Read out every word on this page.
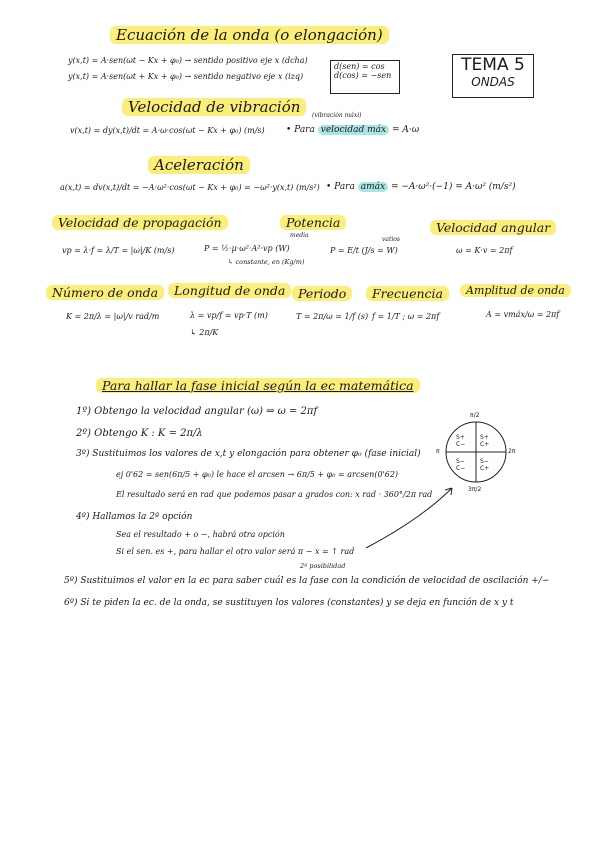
TEMA 5
ONDAS
Ecuación de la onda (o elongación)
y(x,t) = A·sen(ωt − Kx + φ₀) → sentido positivo eje x (dcha)
y(x,t) = A·sen(ωt + Kx + φ₀) → sentido negativo eje x (izq)
d(sen) = cos
d(cos) = −sen
Velocidad de vibración
v(x,t) = dy(x,t)/dt = A·ω·cos(ωt − Kx + φ₀) (m/s)
(vibración máxi)
• Para velocidad máx = A·ω
Aceleración
a(x,t) = dv(x,t)/dt = −A·ω²·cos(ωt − Kx + φ₀) = −ω²·y(x,t) (m/s²) • Para amáx = −A·ω²·(−1) = A·ω² (m/s²)
Velocidad de propagación
vp = λ·f = λ/T = |ω|/K (m/s)
Potencia
media
P = ½·μ·ω²·A²·vp (W)
↳ constante, en (Kg/m)
P = E/t (J/s = W)
vatios
Velocidad angular
ω = K·v = 2πf
Número de onda
K = 2π/λ = |ω|/v rad/m
Longitud de onda
λ = vp/f = vp·T (m)
↳ 2π/K
Periodo
T = 2π/ω = 1/f (s)
Frecuencia
f = 1/T ; ω = 2πf
Amplitud de onda
A = vmáx/ω = 2πf
Para hallar la fase inicial según la ec matemática
1º) Obtengo la velocidad angular (ω) ⇒ ω = 2πf
2º) Obtengo K : K = 2π/λ
3º) Sustituimos los valores de x,t y elongación para obtener φ₀ (fase inicial)
ej 0'62 = sen(6π/5 + φ₀) le hace el arcsen → 6π/5 + φ₀ = arcsen(0'62)
El resultado será en rad que podemos pasar a grados con: x rad · 360°/2π rad
4º) Hallamos la 2ª opción
Sea el resultado + o −, habrá otra opción
Si el sen. es +, para hallar el otro valor será π − x = ↑ rad
2ª posibilidad
5º) Sustituimos el valor en la ec para saber cuál es la fase con la condición de velocidad de oscilación +/−
6º) Si te piden la ec. de la onda, se sustituyen los valores (constantes) y se deja en función de x y t
π/2
π	2π
3π/2
S+ C+
S+ C−
S− C−
S− C+
